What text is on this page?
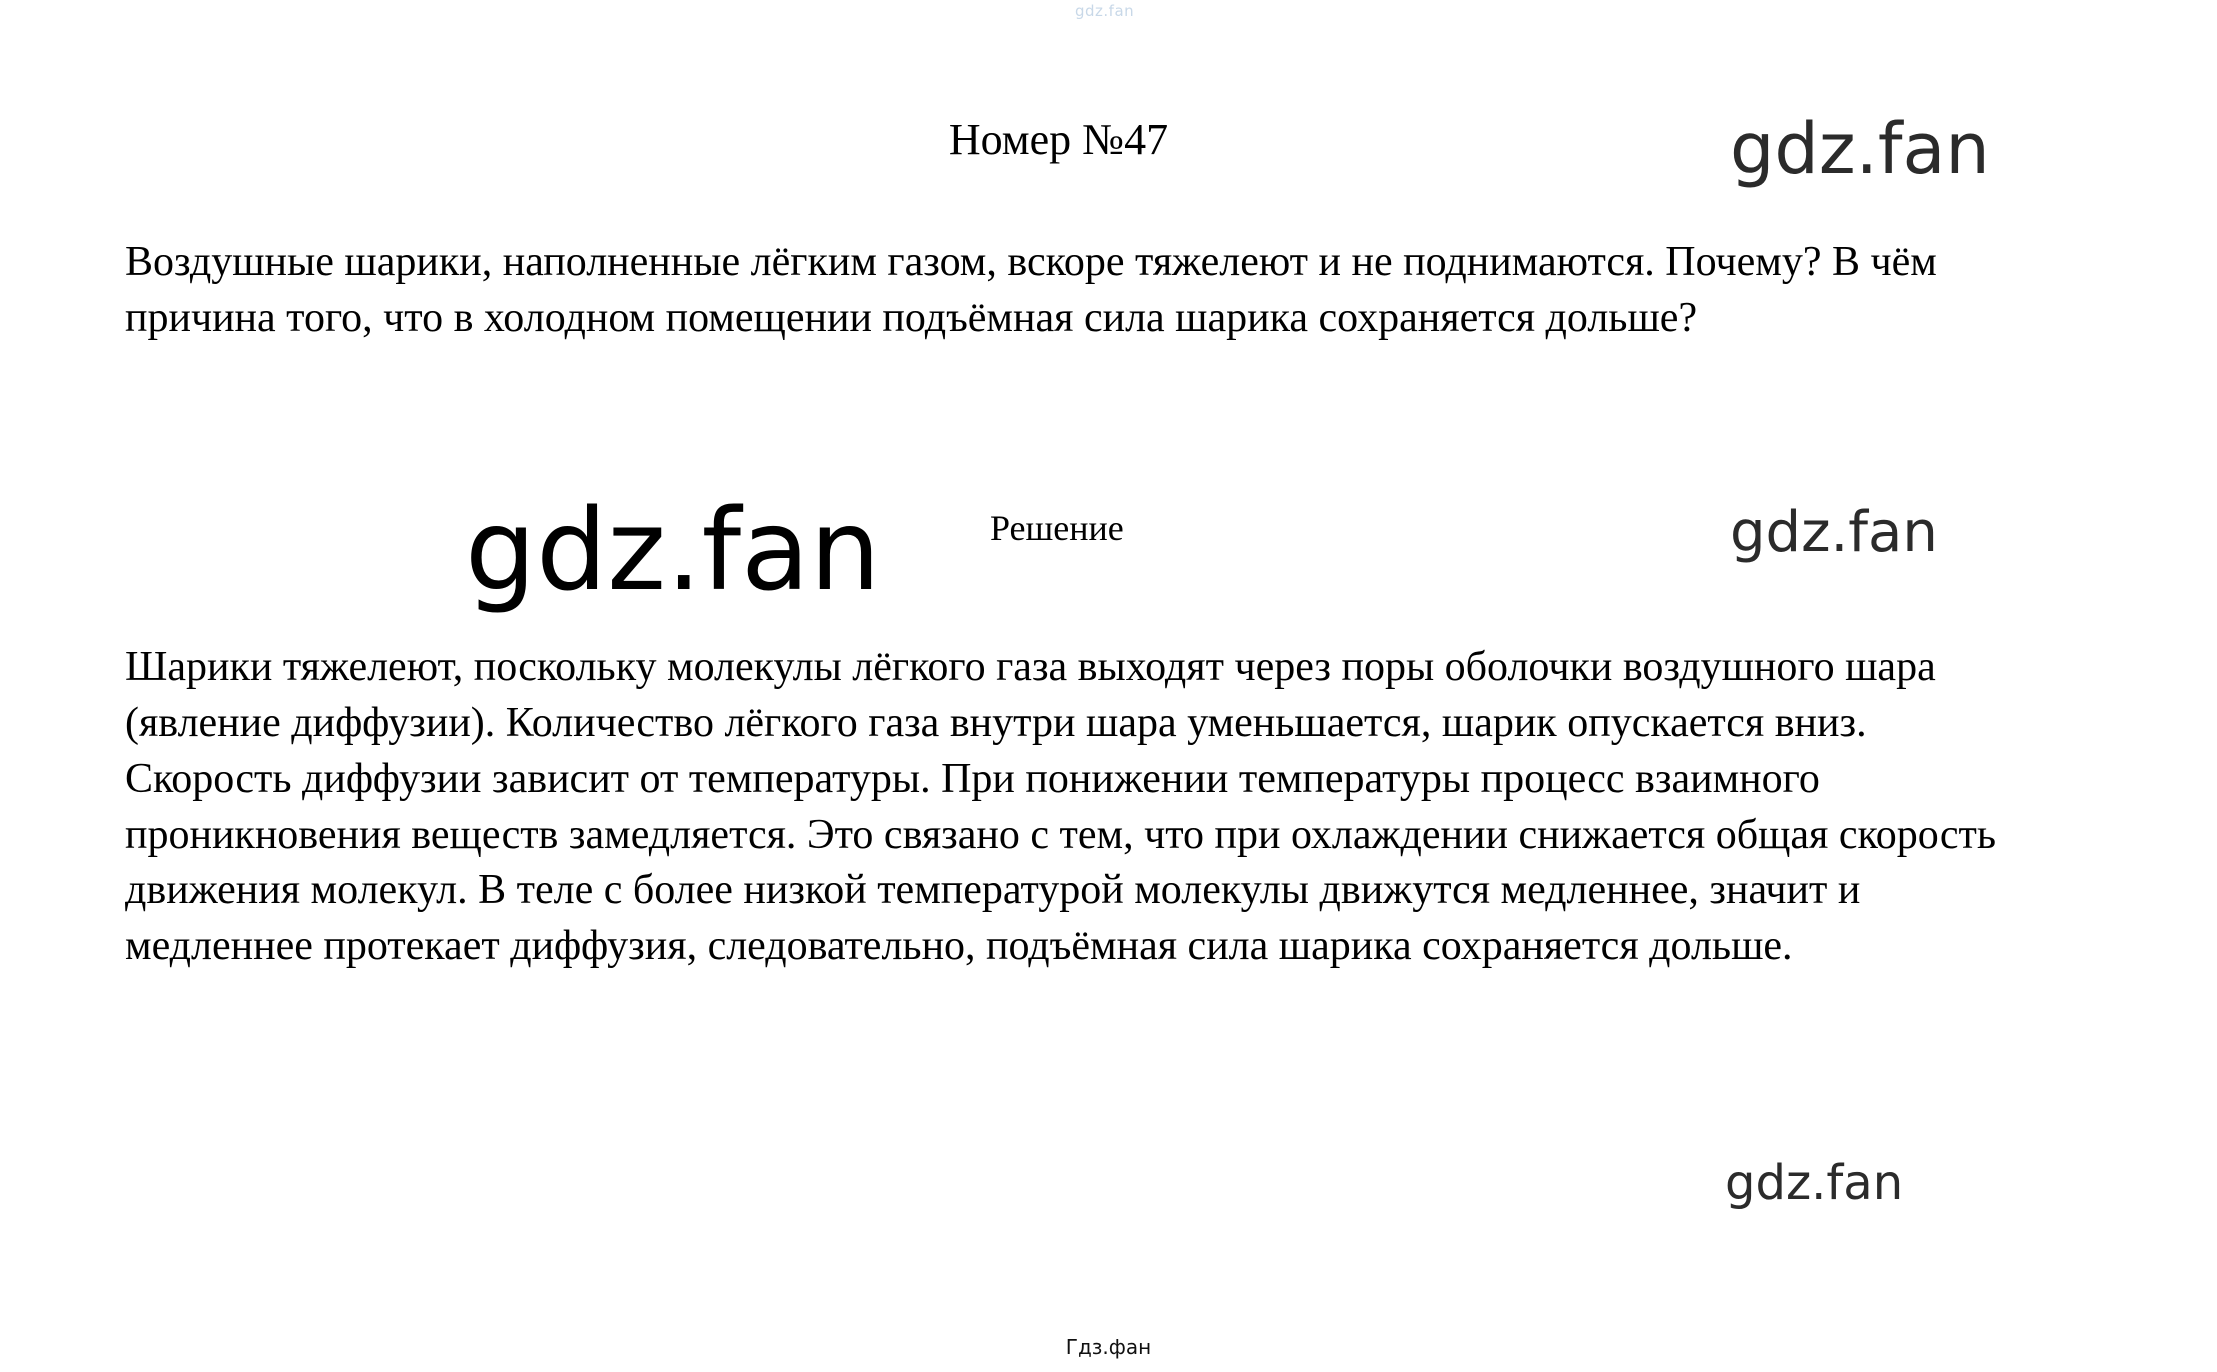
gdz.fan
Номер №47	gdz.fan
Воздушные шарики, наполненные лёгким газом, вскоре тяжелеют и не поднимаются. Почему? В чём причина того, что в холодном помещении подъёмная сила шарика сохраняется дольше?
gdz.fan	Решение	gdz.fan

Шарики тяжелеют, поскольку молекулы лёгкого газа выходят через поры оболочки воздушного шара (явление диффузии). Количество лёгкого газа внутри шара уменьшается, шарик опускается вниз.

Скорость диффузии зависит от температуры. При понижении температуры процесс взаимного проникновения веществ замедляется. Это связано с тем, что при охлаждении снижается общая скорость движения молекул. В теле с более низкой температурой молекулы движутся медленнее, значит и медленнее протекает диффузия, следовательно, подъёмная сила шарика сохраняется дольше.

gdz.fan
Гдз.фан
